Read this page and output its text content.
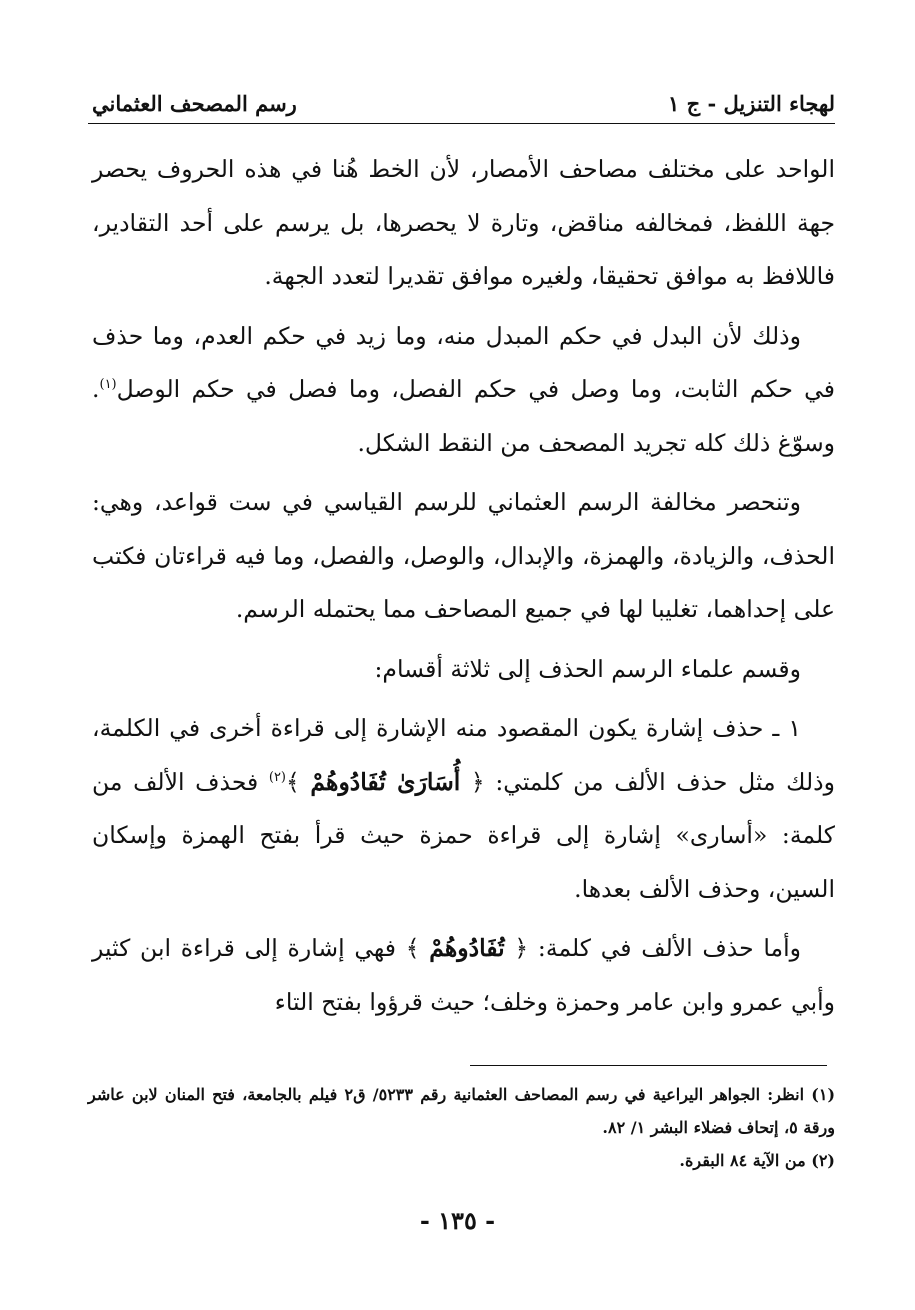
لهجاء التنزيل - ج ١
رسم المصحف العثماني

الواحد على مختلف مصاحف الأمصار، لأن الخط هُنا في هذه الحروف يحصر جهة اللفظ، فمخالفه مناقض، وتارة لا يحصرها، بل يرسم على أحد التقادير، فاللافظ به موافق تحقيقا، ولغيره موافق تقديرا لتعدد الجهة.

وذلك لأن البدل في حكم المبدل منه، وما زيد في حكم العدم، وما حذف في حكم الثابت، وما وصل في حكم الفصل، وما فصل في حكم الوصل$^{(١)}$. وسوّغ ذلك كله تجريد المصحف من النقط الشكل.

وتنحصر مخالفة الرسم العثماني للرسم القياسي في ست قواعد، وهي: الحذف، والزيادة، والهمزة، والإبدال، والوصل، والفصل، وما فيه قراءتان فكتب على إحداهما، تغليبا لها في جميع المصاحف مما يحتمله الرسم.

وقسم علماء الرسم الحذف إلى ثلاثة أقسام:

١ ـ حذف إشارة يكون المقصود منه الإشارة إلى قراءة أخرى في الكلمة، وذلك مثل حذف الألف من كلمتي: ﴿ أُسَارَىٰ تُفَادُوهُمْ ﴾$^{(٢)}$ فحذف الألف من كلمة: «أسارى» إشارة إلى قراءة حمزة حيث قرأ بفتح الهمزة وإسكان السين، وحذف الألف بعدها.

وأما حذف الألف في كلمة: ﴿ تُفَادُوهُمْ ﴾ فهي إشارة إلى قراءة ابن كثير وأبي عمرو وابن عامر وحمزة وخلف؛ حيث قرؤوا بفتح التاء

(١) انظر: الجواهر اليراعية في رسم المصاحف العثمانية رقم ٥٢٣٣/ ق٢ فيلم بالجامعة، فتح المنان لابن عاشر ورقة ٥، إتحاف فضلاء البشر ١/ ٨٢.

(٢) من الآية ٨٤ البقرة.

- ١٣٥ -
